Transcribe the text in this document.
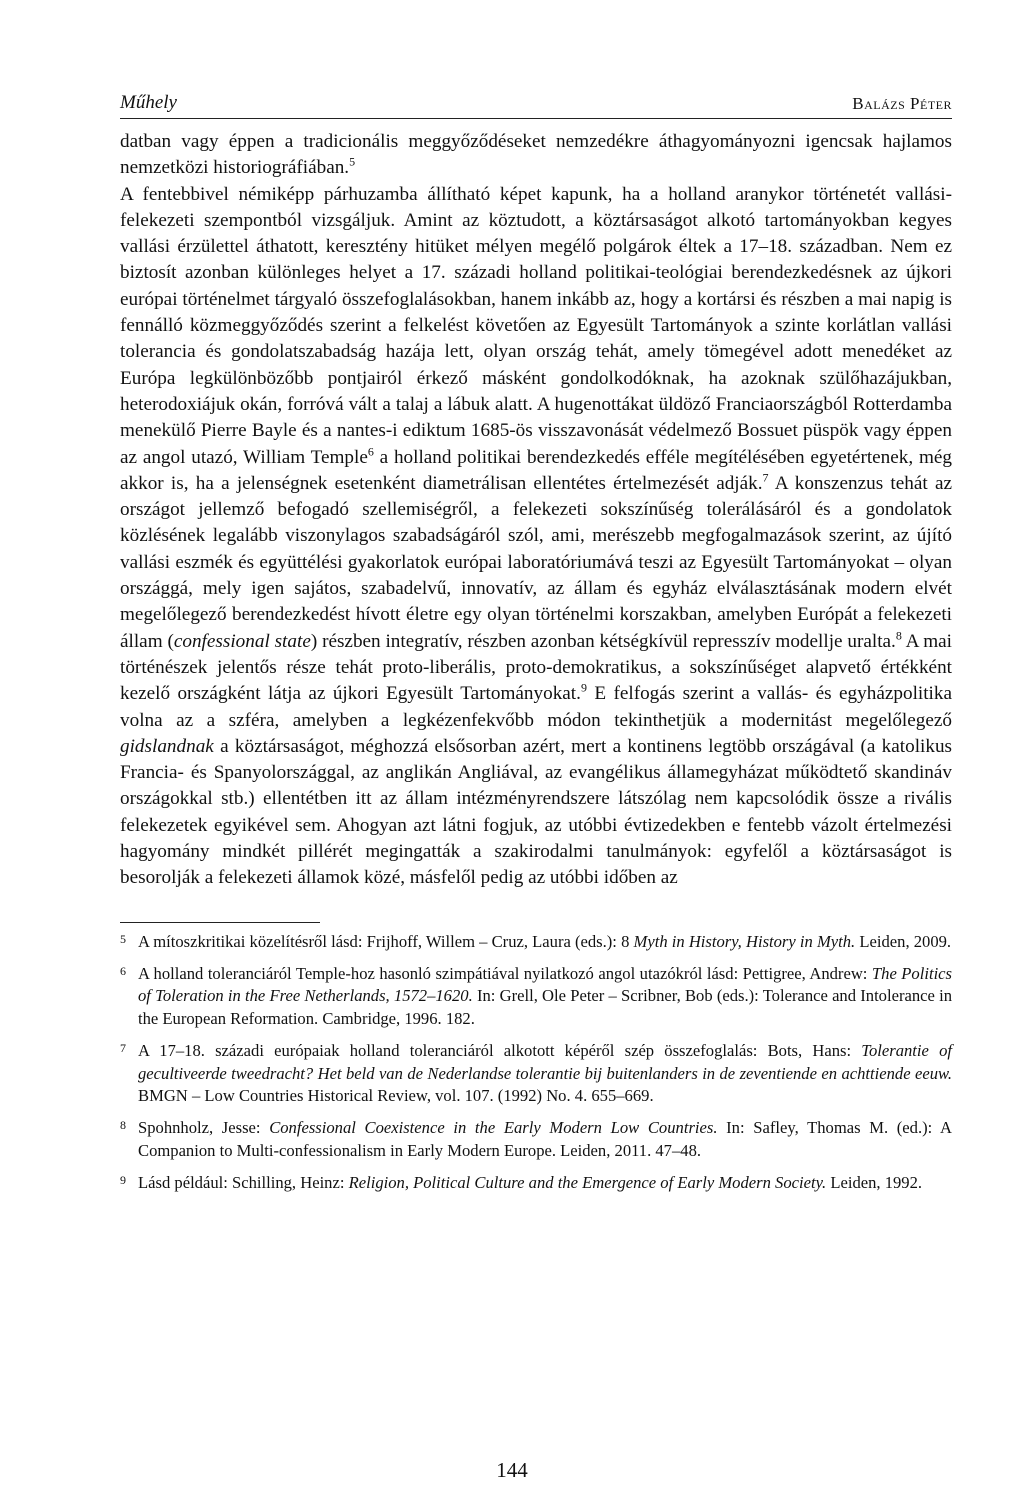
Műhely	Balázs Péter

datban vagy éppen a tradicionális meggyőződéseket nemzedékre áthagyományozni igencsak hajlamos nemzetközi historiográfiában.$^5$

A fentebbivel némiképp párhuzamba állítható képet kapunk, ha a holland aranykor történetét vallási-felekezeti szempontból vizsgáljuk. Amint az köztudott, a köztársaságot alkotó tartományokban kegyes vallási érzülettel áthatott, keresztény hitüket mélyen megélő polgárok éltek a 17–18. században. Nem ez biztosít azonban különleges helyet a 17. századi holland politikai-teológiai berendezkedésnek az újkori európai történelmet tárgyaló összefoglalásokban, hanem inkább az, hogy a kortársi és részben a mai napig is fennálló közmeggyőződés szerint a felkelést követően az Egyesült Tartományok a szinte korlátlan vallási tolerancia és gondolatszabadság hazája lett, olyan ország tehát, amely tömegével adott menedéket az Európa legkülönbözőbb pontjairól érkező másként gondolkodóknak, ha azoknak szülőhazájukban, heterodoxiájuk okán, forróvá vált a talaj a lábuk alatt. A hugenottákat üldöző Franciaországból Rotterdamba menekülő Pierre Bayle és a nantes-i ediktum 1685-ös visszavonását védelmező Bossuet püspök vagy éppen az angol utazó, William Temple$^6$ a holland politikai berendezkedés efféle megítélésében egyetértenek, még akkor is, ha a jelenségnek esetenként diametrálisan ellentétes értelmezését adják.$^7$ A konszenzus tehát az országot jellemző befogadó szellemiségről, a felekezeti sokszínűség tolerálásáról és a gondolatok közlésének legalább viszonylagos szabadságáról szól, ami, merészebb megfogalmazások szerint, az újító vallási eszmék és együttélési gyakorlatok európai laboratóriumává teszi az Egyesült Tartományokat – olyan országgá, mely igen sajátos, szabadelvű, innovatív, az állam és egyház elválasztásának modern elvét megelőlegező berendezkedést hívott életre egy olyan történelmi korszakban, amelyben Európát a felekezeti állam (confessional state) részben integratív, részben azonban kétségkívül represszív modellje uralta.$^8$ A mai történészek jelentős része tehát proto-liberális, proto-demokratikus, a sokszínűséget alapvető értékként kezelő országként látja az újkori Egyesült Tartományokat.$^9$ E felfogás szerint a vallás- és egyházpolitika volna az a szféra, amelyben a legkézenfekvőbb módon tekinthetjük a modernitást megelőlegező gidslandnak a köztársaságot, méghozzá elsősorban azért, mert a kontinens legtöbb országával (a katolikus Francia- és Spanyolországgal, az anglikán Angliával, az evangélikus államegyházat működtető skandináv országokkal stb.) ellentétben itt az állam intézményrendszere látszólag nem kapcsolódik össze a rivális felekezetek egyikével sem. Ahogyan azt látni fogjuk, az utóbbi évtizedekben e fentebb vázolt értelmezési hagyomány mindkét pillérét megingatták a szakirodalmi tanulmányok: egyfelől a köztársaságot is besorolják a felekezeti államok közé, másfelől pedig az utóbbi időben az

5 A mítoszkritikai közelítésről lásd: Frijhoff, Willem – Cruz, Laura (eds.): 8 Myth in History, History in Myth. Leiden, 2009.
6 A holland toleranciáról Temple-hoz hasonló szimpátiával nyilatkozó angol utazókról lásd: Pettigree, Andrew: The Politics of Toleration in the Free Netherlands, 1572–1620. In: Grell, Ole Peter – Scribner, Bob (eds.): Tolerance and Intolerance in the European Reformation. Cambridge, 1996. 182.
7 A 17–18. századi európaiak holland toleranciáról alkotott képéről szép összefoglalás: Bots, Hans: Tolerantie of gecultiveerde tweedracht? Het beld van de Nederlandse tolerantie bij buitenlanders in de zeventiende en achttiende eeuw. BMGN – Low Countries Historical Review, vol. 107. (1992) No. 4. 655–669.
8 Spohnholz, Jesse: Confessional Coexistence in the Early Modern Low Countries. In: Safley, Thomas M. (ed.): A Companion to Multi-confessionalism in Early Modern Europe. Leiden, 2011. 47–48.
9 Lásd például: Schilling, Heinz: Religion, Political Culture and the Emergence of Early Modern Society. Leiden, 1992.
144
